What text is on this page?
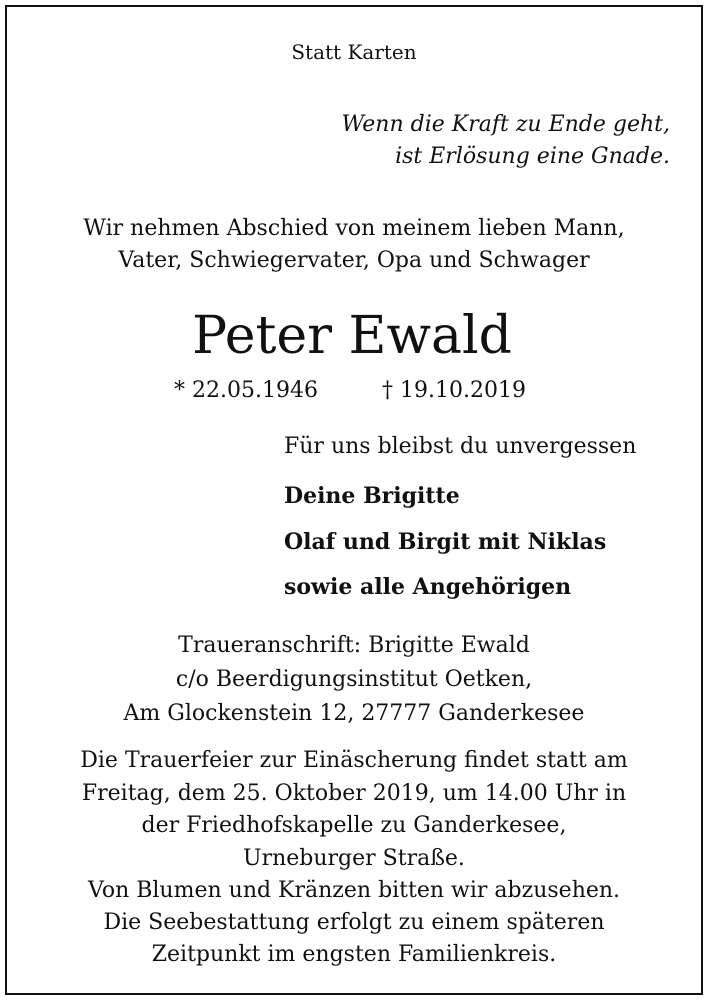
Statt Karten

Wenn die Kraft zu Ende geht,

ist Erlösung eine Gnade.

Wir nehmen Abschied von meinem lieben Mann,

Vater, Schwiegervater, Opa und Schwager

Peter Ewald

* 22.05.1946	† 19.10.2019

Für uns bleibst du unvergessen

Deine Brigitte

Olaf und Birgit mit Niklas

sowie alle Angehörigen

Traueranschrift: Brigitte Ewald

c/o Beerdigungsinstitut Oetken,

Am Glockenstein 12, 27777 Ganderkesee

Die Trauerfeier zur Einäscherung findet statt am

Freitag, dem 25. Oktober 2019, um 14.00 Uhr in

der Friedhofskapelle zu Ganderkesee,

Urneburger Straße.

Von Blumen und Kränzen bitten wir abzusehen.

Die Seebestattung erfolgt zu einem späteren

Zeitpunkt im engsten Familienkreis.
